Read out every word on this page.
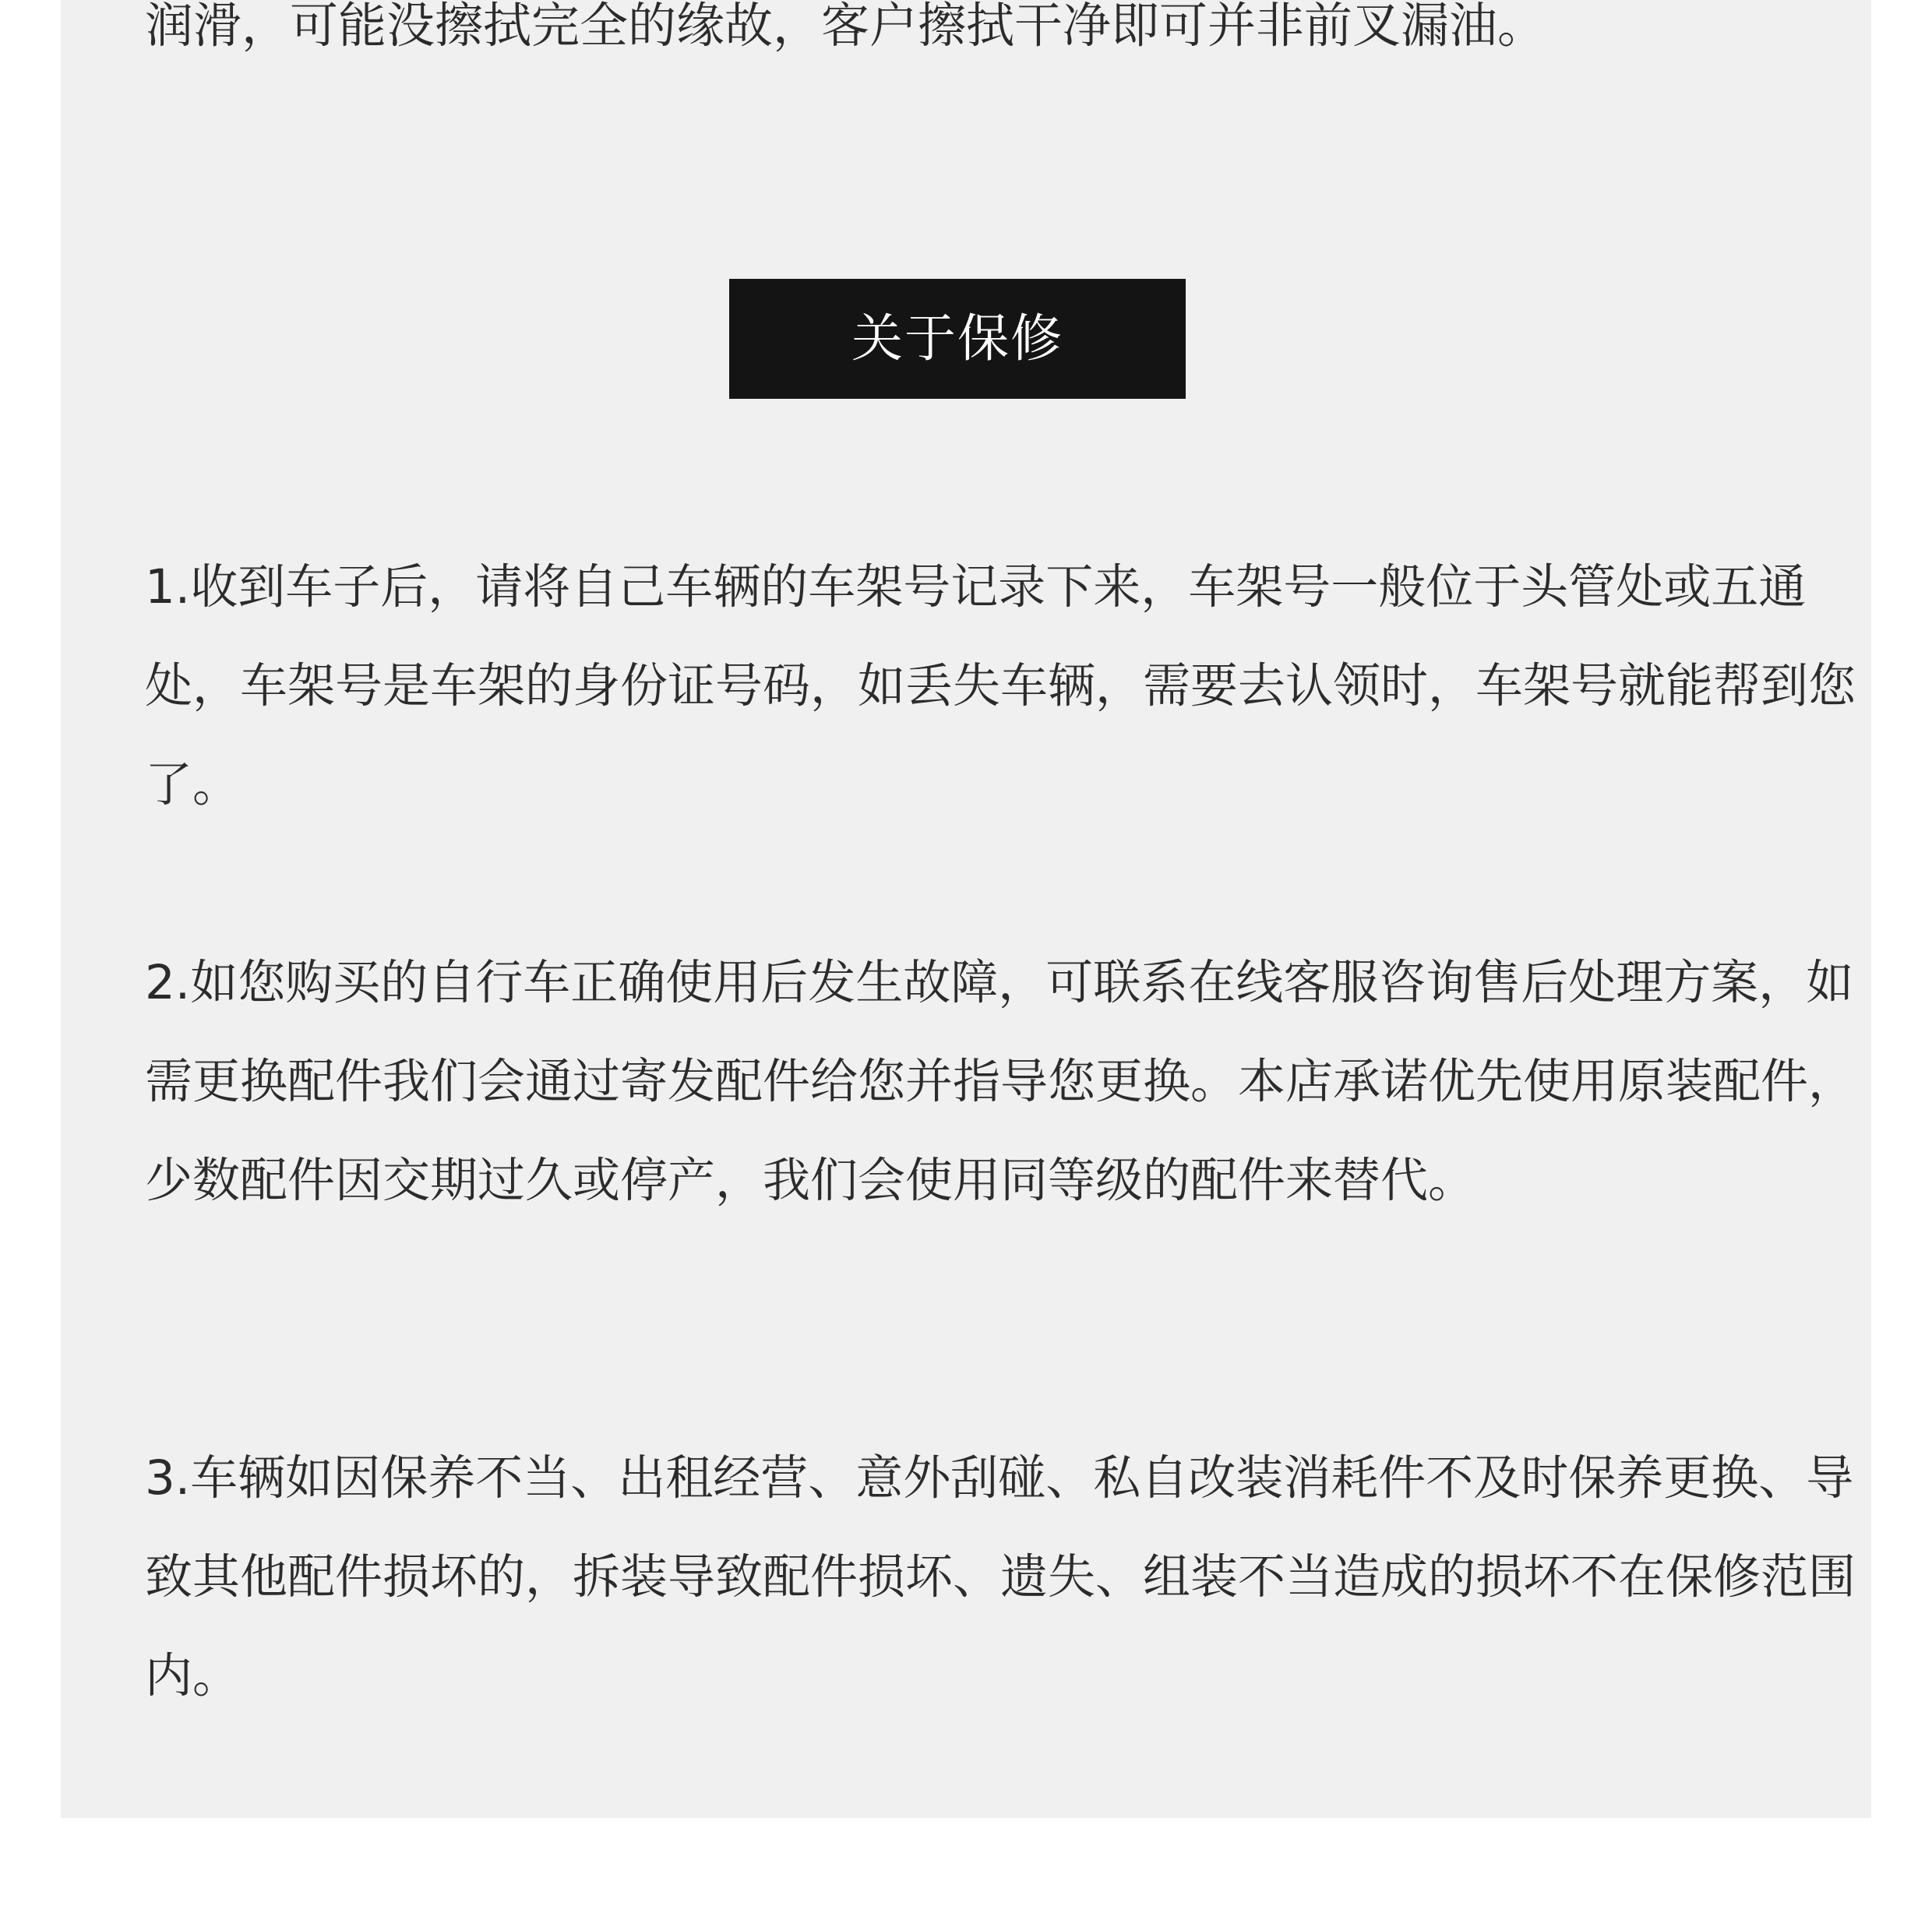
润滑，可能没擦拭完全的缘故，客户擦拭干净即可并非前叉漏油。

关于保修

1.收到车子后，请将自己车辆的车架号记录下来，车架号一般位于头管处或五通处，车架号是车架的身份证号码，如丢失车辆，需要去认领时，车架号就能帮到您了。

2.如您购买的自行车正确使用后发生故障，可联系在线客服咨询售后处理方案，如需更换配件我们会通过寄发配件给您并指导您更换。本店承诺优先使用原装配件，少数配件因交期过久或停产，我们会使用同等级的配件来替代。

3.车辆如因保养不当、出租经营、意外刮碰、私自改装消耗件不及时保养更换、导致其他配件损坏的，拆装导致配件损坏、遗失、组装不当造成的损坏不在保修范围内。
